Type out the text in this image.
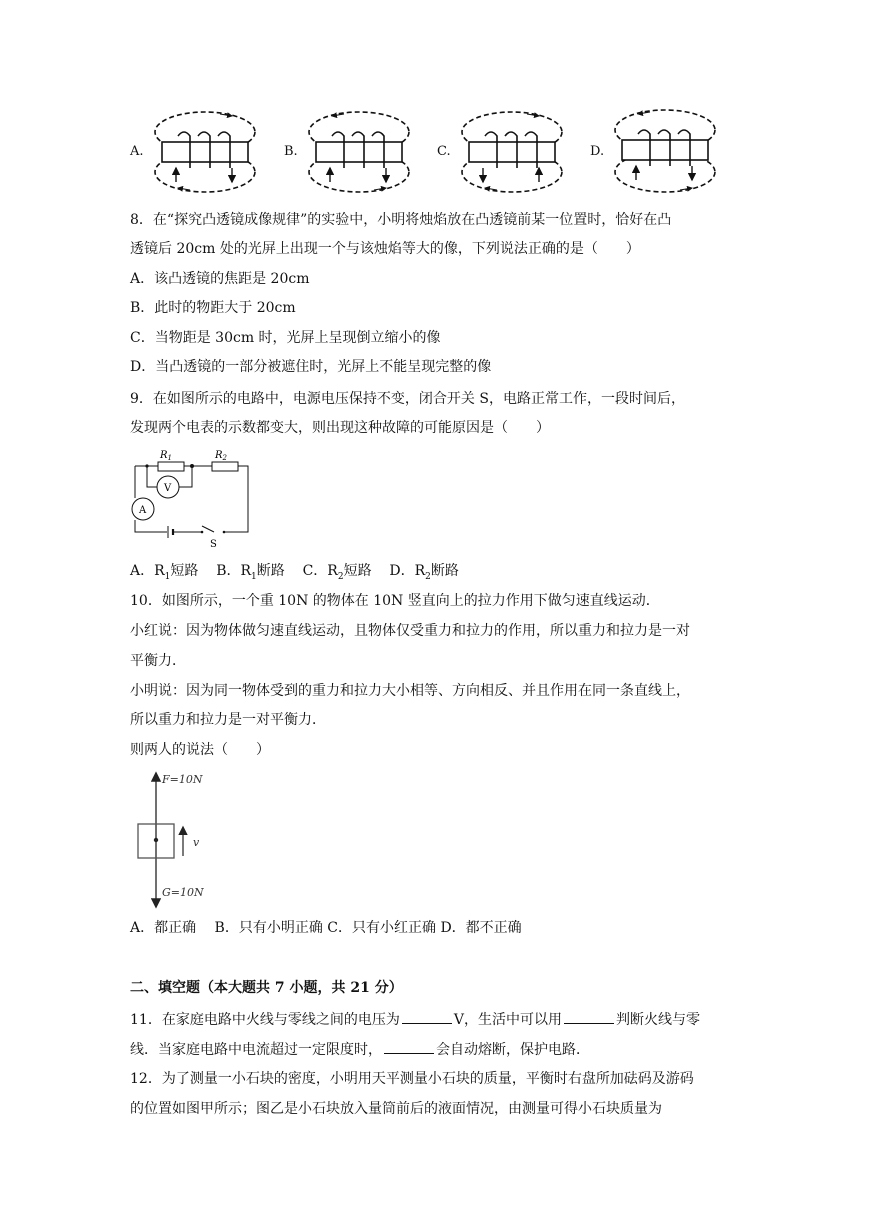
A.	B.	C.	D.
8．在“探究凸透镜成像规律”的实验中，小明将烛焰放在凸透镜前某一位置时，恰好在凸
透镜后 20cm 处的光屏上出现一个与该烛焰等大的像，下列说法正确的是（　　）
A．该凸透镜的焦距是 20cm
B．此时的物距大于 20cm
C．当物距是 30cm 时，光屏上呈现倒立缩小的像
D．当凸透镜的一部分被遮住时，光屏上不能呈现完整的像
9．在如图所示的电路中，电源电压保持不变，闭合开关 S，电路正常工作，一段时间后，
发现两个电表的示数都变大，则出现这种故障的可能原因是（　　）
$R_1$	$R_2$
V
A
S
A．$R_1$短路 B．$R_1$断路 C．$R_2$短路 D．$R_2$断路
10．如图所示，一个重 10N 的物体在 10N 竖直向上的拉力作用下做匀速直线运动．
小红说：因为物体做匀速直线运动，且物体仅受重力和拉力的作用，所以重力和拉力是一对
平衡力．
小明说：因为同一物体受到的重力和拉力大小相等、方向相反、并且作用在同一条直线上，
所以重力和拉力是一对平衡力．
则两人的说法（　　）
F=10N
G=10N
v
A．都正确　 B．只有小明正确 C．只有小红正确 D．都不正确
二、填空题（本大题共 7 小题，共 21 分）
11．在家庭电路中火线与零线之间的电压为	V，生活中可以用	判断火线与零
线．当家庭电路中电流超过一定限度时，	会自动熔断，保护电路．
12．为了测量一小石块的密度，小明用天平测量小石块的质量，平衡时右盘所加砝码及游码
的位置如图甲所示；图乙是小石块放入量筒前后的液面情况，由测量可得小石块质量为
